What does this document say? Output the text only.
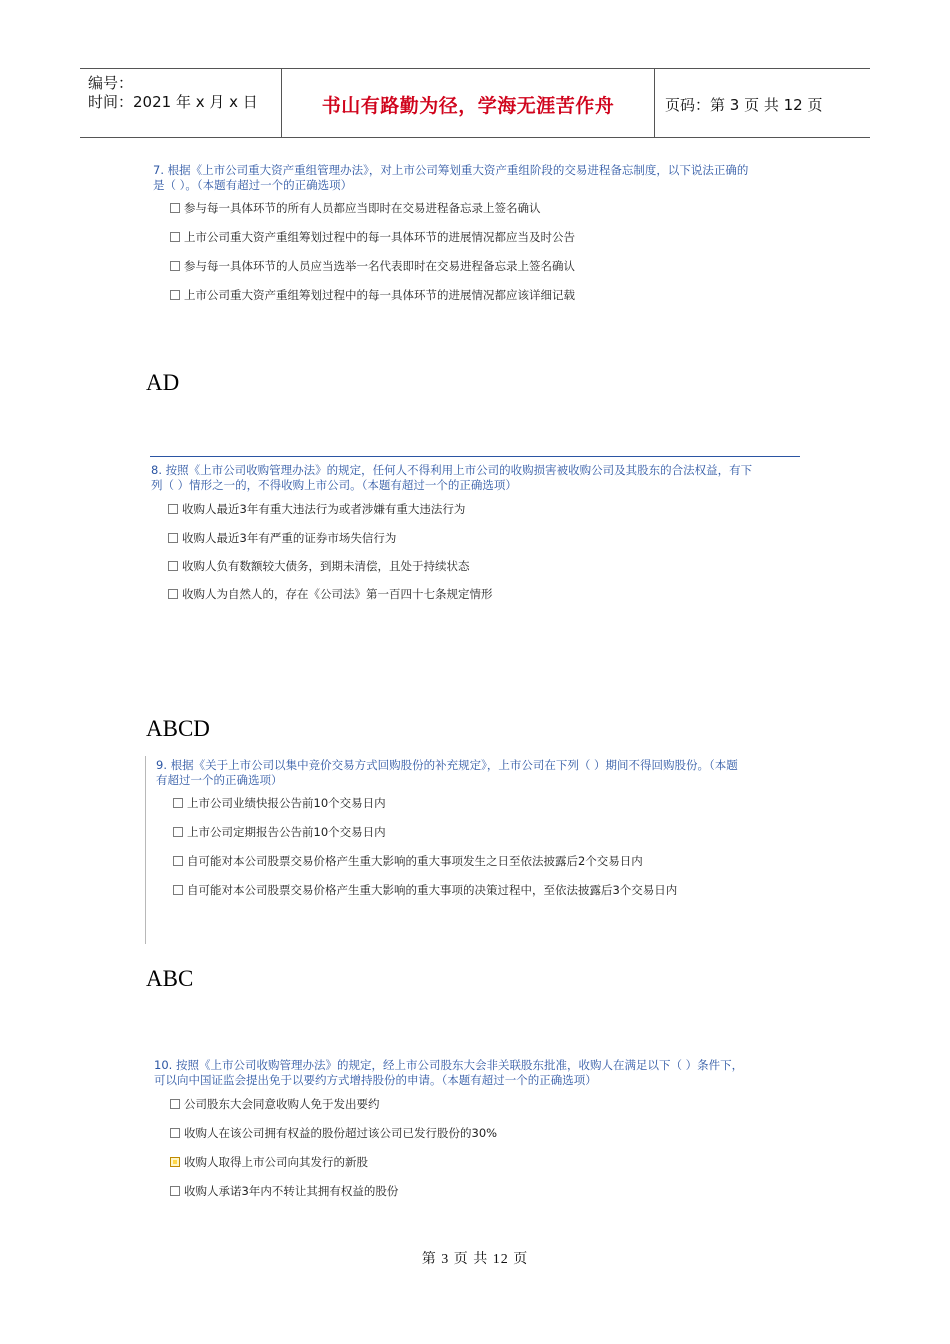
编号：
时间：2021 年 x 月 x 日	书山有路勤为径，学海无涯苦作舟	页码：第 3 页 共 12 页
7. 根据《上市公司重大资产重组管理办法》，对上市公司筹划重大资产重组阶段的交易进程备忘制度，以下说法正确的
是（ ）。（本题有超过一个的正确选项）
参与每一具体环节的所有人员都应当即时在交易进程备忘录上签名确认
上市公司重大资产重组筹划过程中的每一具体环节的进展情况都应当及时公告
参与每一具体环节的人员应当选举一名代表即时在交易进程备忘录上签名确认
上市公司重大资产重组筹划过程中的每一具体环节的进展情况都应该详细记载
AD
8. 按照《上市公司收购管理办法》的规定，任何人不得利用上市公司的收购损害被收购公司及其股东的合法权益，有下
列（ ）情形之一的，不得收购上市公司。（本题有超过一个的正确选项）
收购人最近3年有重大违法行为或者涉嫌有重大违法行为
收购人最近3年有严重的证券市场失信行为
收购人负有数额较大债务，到期未清偿，且处于持续状态
收购人为自然人的，存在《公司法》第一百四十七条规定情形
ABCD
9. 根据《关于上市公司以集中竞价交易方式回购股份的补充规定》，上市公司在下列（ ）期间不得回购股份。（本题
有超过一个的正确选项）
上市公司业绩快报公告前10个交易日内
上市公司定期报告公告前10个交易日内
自可能对本公司股票交易价格产生重大影响的重大事项发生之日至依法披露后2个交易日内
自可能对本公司股票交易价格产生重大影响的重大事项的决策过程中，至依法披露后3个交易日内
ABC
10. 按照《上市公司收购管理办法》的规定，经上市公司股东大会非关联股东批准，收购人在满足以下（ ）条件下，
可以向中国证监会提出免于以要约方式增持股份的申请。（本题有超过一个的正确选项）
公司股东大会同意收购人免于发出要约
收购人在该公司拥有权益的股份超过该公司已发行股份的30%
收购人取得上市公司向其发行的新股
收购人承诺3年内不转让其拥有权益的股份
第 3 页 共 12 页
